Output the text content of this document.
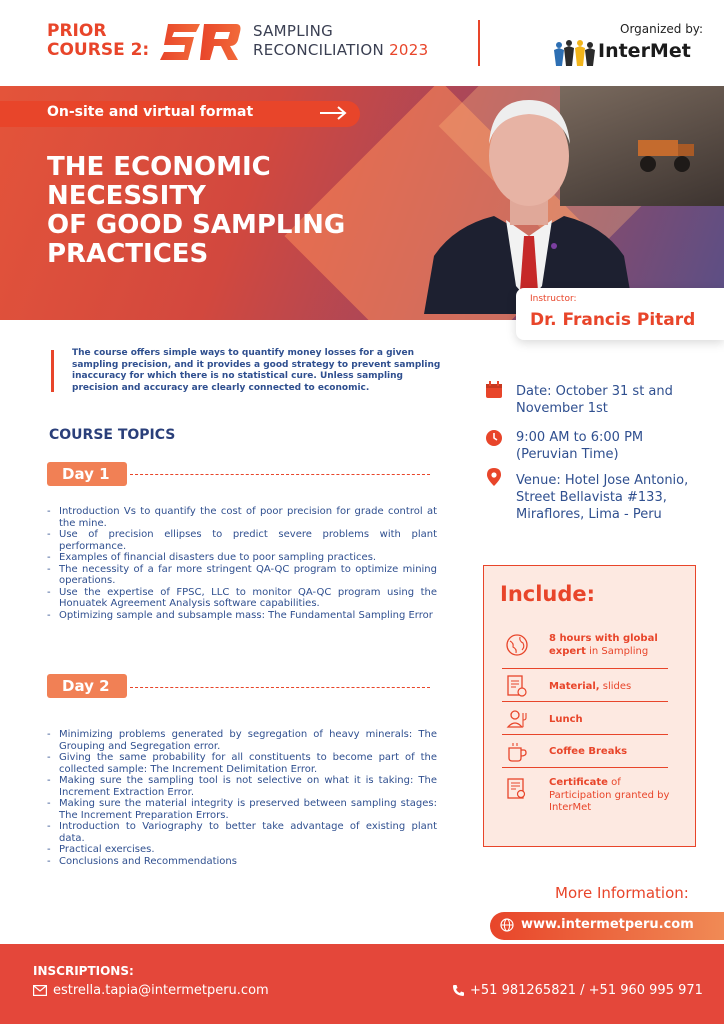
PRIOR
COURSE 2:
SR	SAMPLING
RECONCILIATION 2023
Organized by:
InterMet
On-site and virtual format
THE ECONOMIC
NECESSITY
OF GOOD SAMPLING
PRACTICES
Instructor:
Dr. Francis Pitard
The course offers simple ways to quantify money losses for a given sampling precision, and it provides a good strategy to prevent sampling inaccuracy for which there is no statistical cure. Unless sampling precision and accuracy are clearly connected to economic.
COURSE TOPICS
Day 1
- Introduction Vs to quantify the cost of poor precision for grade control at the mine.
- Use of precision ellipses to predict severe problems with plant performance.
- Examples of financial disasters due to poor sampling practices.
- The necessity of a far more stringent QA-QC program to optimize mining operations.
- Use the expertise of FPSC, LLC to monitor QA-QC program using the Honuatek Agreement Analysis software capabilities.
- Optimizing sample and subsample mass: The Fundamental Sampling Error
Day 2
- Minimizing problems generated by segregation of heavy minerals: The Grouping and Segregation error.
- Giving the same probability for all constituents to become part of the collected sample: The Increment Delimitation Error.
- Making sure the sampling tool is not selective on what it is taking: The Increment Extraction Error.
- Making sure the material integrity is preserved between sampling stages: The Increment Preparation Errors.
- Introduction to Variography to better take advantage of existing plant data.
- Practical exercises.
- Conclusions and Recommendations
Date: October 31 st and
November 1st
9:00 AM to 6:00 PM
(Peruvian Time)
Venue: Hotel Jose Antonio,
Street Bellavista #133,
Miraflores, Lima - Peru
Include:
8 hours with global expert in Sampling
Material, slides
Lunch
Coffee Breaks
Certificate of Participation granted by InterMet
More Information:
www.intermetperu.com
INSCRIPTIONS:
estrella.tapia@intermetperu.com	+51 981265821 / +51 960 995 971
